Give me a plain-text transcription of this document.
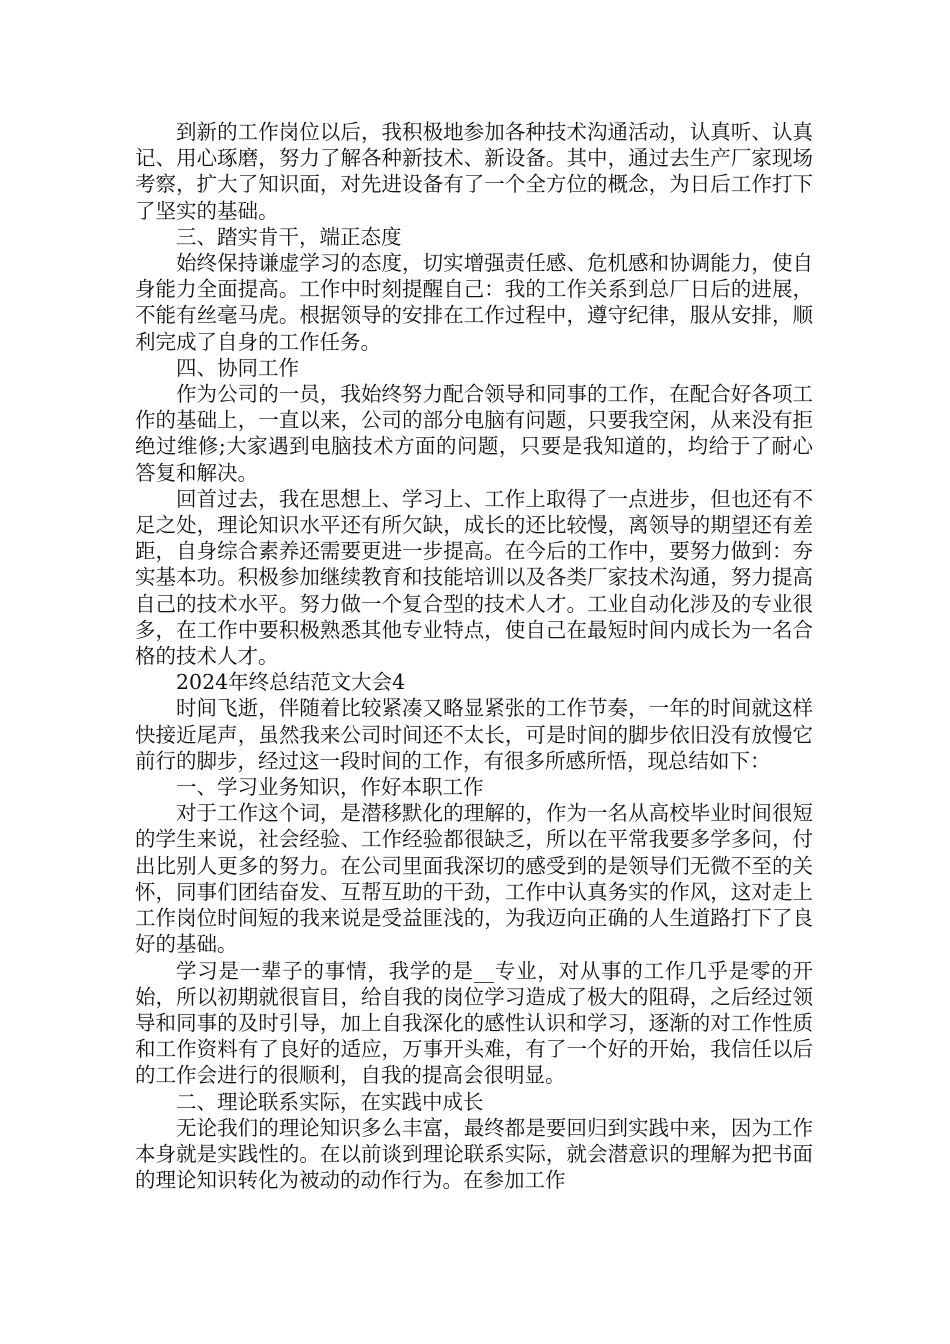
到新的工作岗位以后，我积极地参加各种技术沟通活动，认真听、认真记、用心琢磨，努力了解各种新技术、新设备。其中，通过去生产厂家现场考察，扩大了知识面，对先进设备有了一个全方位的概念，为日后工作打下了坚实的基础。

三、踏实肯干，端正态度

始终保持谦虚学习的态度，切实增强责任感、危机感和协调能力，使自身能力全面提高。工作中时刻提醒自己：我的工作关系到总厂日后的进展，不能有丝毫马虎。根据领导的安排在工作过程中，遵守纪律，服从安排，顺利完成了自身的工作任务。

四、协同工作

作为公司的一员，我始终努力配合领导和同事的工作，在配合好各项工作的基础上，一直以来，公司的部分电脑有问题，只要我空闲，从来没有拒绝过维修;大家遇到电脑技术方面的问题，只要是我知道的，均给于了耐心答复和解决。

回首过去，我在思想上、学习上、工作上取得了一点进步，但也还有不足之处，理论知识水平还有所欠缺，成长的还比较慢，离领导的期望还有差距，自身综合素养还需要更进一步提高。在今后的工作中，要努力做到：夯实基本功。积极参加继续教育和技能培训以及各类厂家技术沟通，努力提高自己的技术水平。努力做一个复合型的技术人才。工业自动化涉及的专业很多，在工作中要积极熟悉其他专业特点，使自己在最短时间内成长为一名合格的技术人才。

2024年终总结范文大会4

时间飞逝，伴随着比较紧凑又略显紧张的工作节奏，一年的时间就这样快接近尾声，虽然我来公司时间还不太长，可是时间的脚步依旧没有放慢它前行的脚步，经过这一段时间的工作，有很多所感所悟，现总结如下：

一、学习业务知识，作好本职工作

对于工作这个词，是潜移默化的理解的，作为一名从高校毕业时间很短的学生来说，社会经验、工作经验都很缺乏，所以在平常我要多学多问，付出比别人更多的努力。在公司里面我深切的感受到的是领导们无微不至的关怀，同事们团结奋发、互帮互助的干劲，工作中认真务实的作风，这对走上工作岗位时间短的我来说是受益匪浅的，为我迈向正确的人生道路打下了良好的基础。

学习是一辈子的事情，我学的是__专业，对从事的工作几乎是零的开始，所以初期就很盲目，给自我的岗位学习造成了极大的阻碍，之后经过领导和同事的及时引导，加上自我深化的感性认识和学习，逐渐的对工作性质和工作资料有了良好的适应，万事开头难，有了一个好的开始，我信任以后的工作会进行的很顺利，自我的提高会很明显。

二、理论联系实际，在实践中成长

无论我们的理论知识多么丰富，最终都是要回归到实践中来，因为工作本身就是实践性的。在以前谈到理论联系实际，就会潜意识的理解为把书面的理论知识转化为被动的动作行为。在参加工作
